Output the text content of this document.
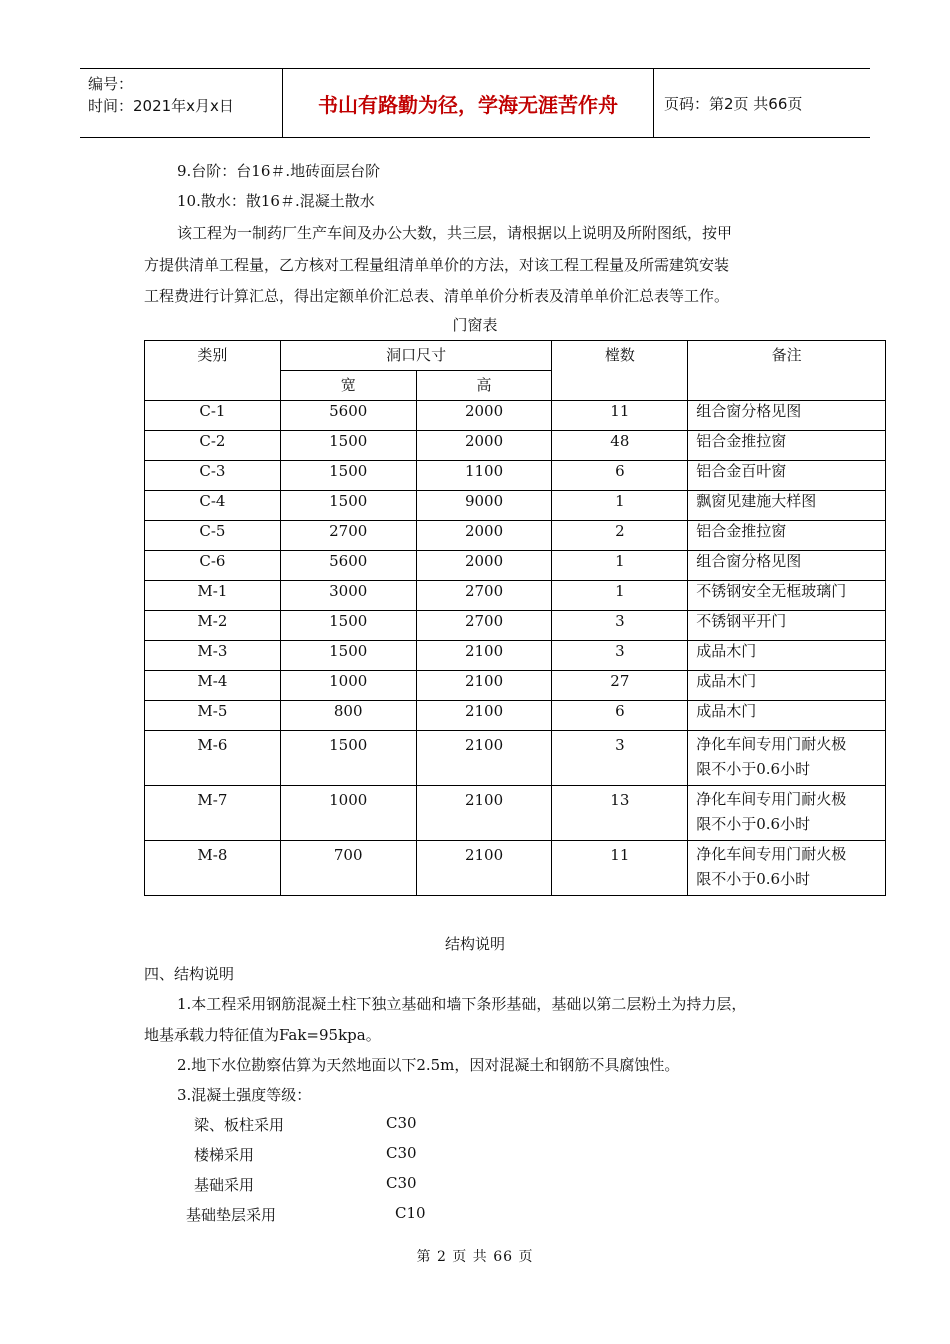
编号：
时间：2021年x月x日	书山有路勤为径，学海无涯苦作舟	页码：第2页 共66页
9.台阶：台16＃.地砖面层台阶
10.散水：散16＃.混凝土散水
该工程为一制药厂生产车间及办公大数，共三层，请根据以上说明及所附图纸，按甲
方提供清单工程量，乙方核对工程量组清单单价的方法，对该工程工程量及所需建筑安装
工程费进行计算汇总，得出定额单价汇总表、清单单价分析表及清单单价汇总表等工作。
门窗表
类别	洞口尺寸		樘数	备注
	宽	高		
C-1	5600	2000	11	组合窗分格见图
C-2	1500	2000	48	铝合金推拉窗
C-3	1500	1100	6	铝合金百叶窗
C-4	1500	9000	1	飘窗见建施大样图
C-5	2700	2000	2	铝合金推拉窗
C-6	5600	2000	1	组合窗分格见图
M-1	3000	2700	1	不锈钢安全无框玻璃门
M-2	1500	2700	3	不锈钢平开门
M-3	1500	2100	3	成品木门
M-4	1000	2100	27	成品木门
M-5	800	2100	6	成品木门
M-6	1500	2100	3	净化车间专用门耐火极
限不小于0.6小时

M-7	1000	2100	13	净化车间专用门耐火极
限不小于0.6小时

M-8	700	2100	11	净化车间专用门耐火极
限不小于0.6小时
结构说明
四、结构说明
1.本工程采用钢筋混凝土柱下独立基础和墙下条形基础，基础以第二层粉土为持力层，
地基承载力特征值为Fak=95kpa。
2.地下水位勘察估算为天然地面以下2.5m，因对混凝土和钢筋不具腐蚀性。
3.混凝土强度等级：
梁、板柱采用	C30
楼梯采用	C30
基础采用	C30
基础垫层采用	C10
第 2 页 共 66 页
